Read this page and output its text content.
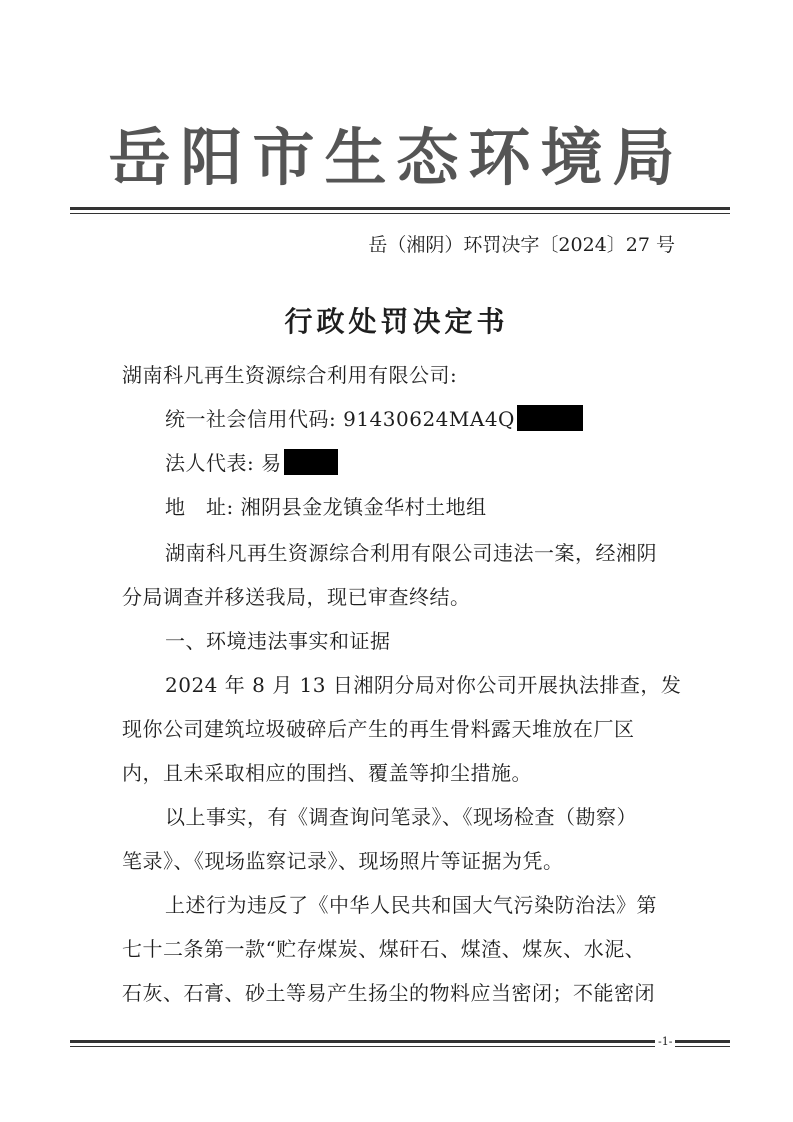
岳阳市生态环境局
岳（湘阴）环罚决字〔2024〕27 号
行政处罚决定书
湖南科凡再生资源综合利用有限公司:
统一社会信用代码: 91430624MA4Q
法人代表: 易
地　址: 湘阴县金龙镇金华村土地组
湖南科凡再生资源综合利用有限公司违法一案，经湘阴
分局调查并移送我局，现已审查终结。
一、环境违法事实和证据
2024 年 8 月 13 日湘阴分局对你公司开展执法排查，发
现你公司建筑垃圾破碎后产生的再生骨料露天堆放在厂区
内，且未采取相应的围挡、覆盖等抑尘措施。
以上事实，有《调查询问笔录》、《现场检查（勘察）
笔录》、《现场监察记录》、现场照片等证据为凭。
上述行为违反了《中华人民共和国大气污染防治法》第
七十二条第一款“贮存煤炭、煤矸石、煤渣、煤灰、水泥、
石灰、石膏、砂土等易产生扬尘的物料应当密闭；不能密闭
-1-
